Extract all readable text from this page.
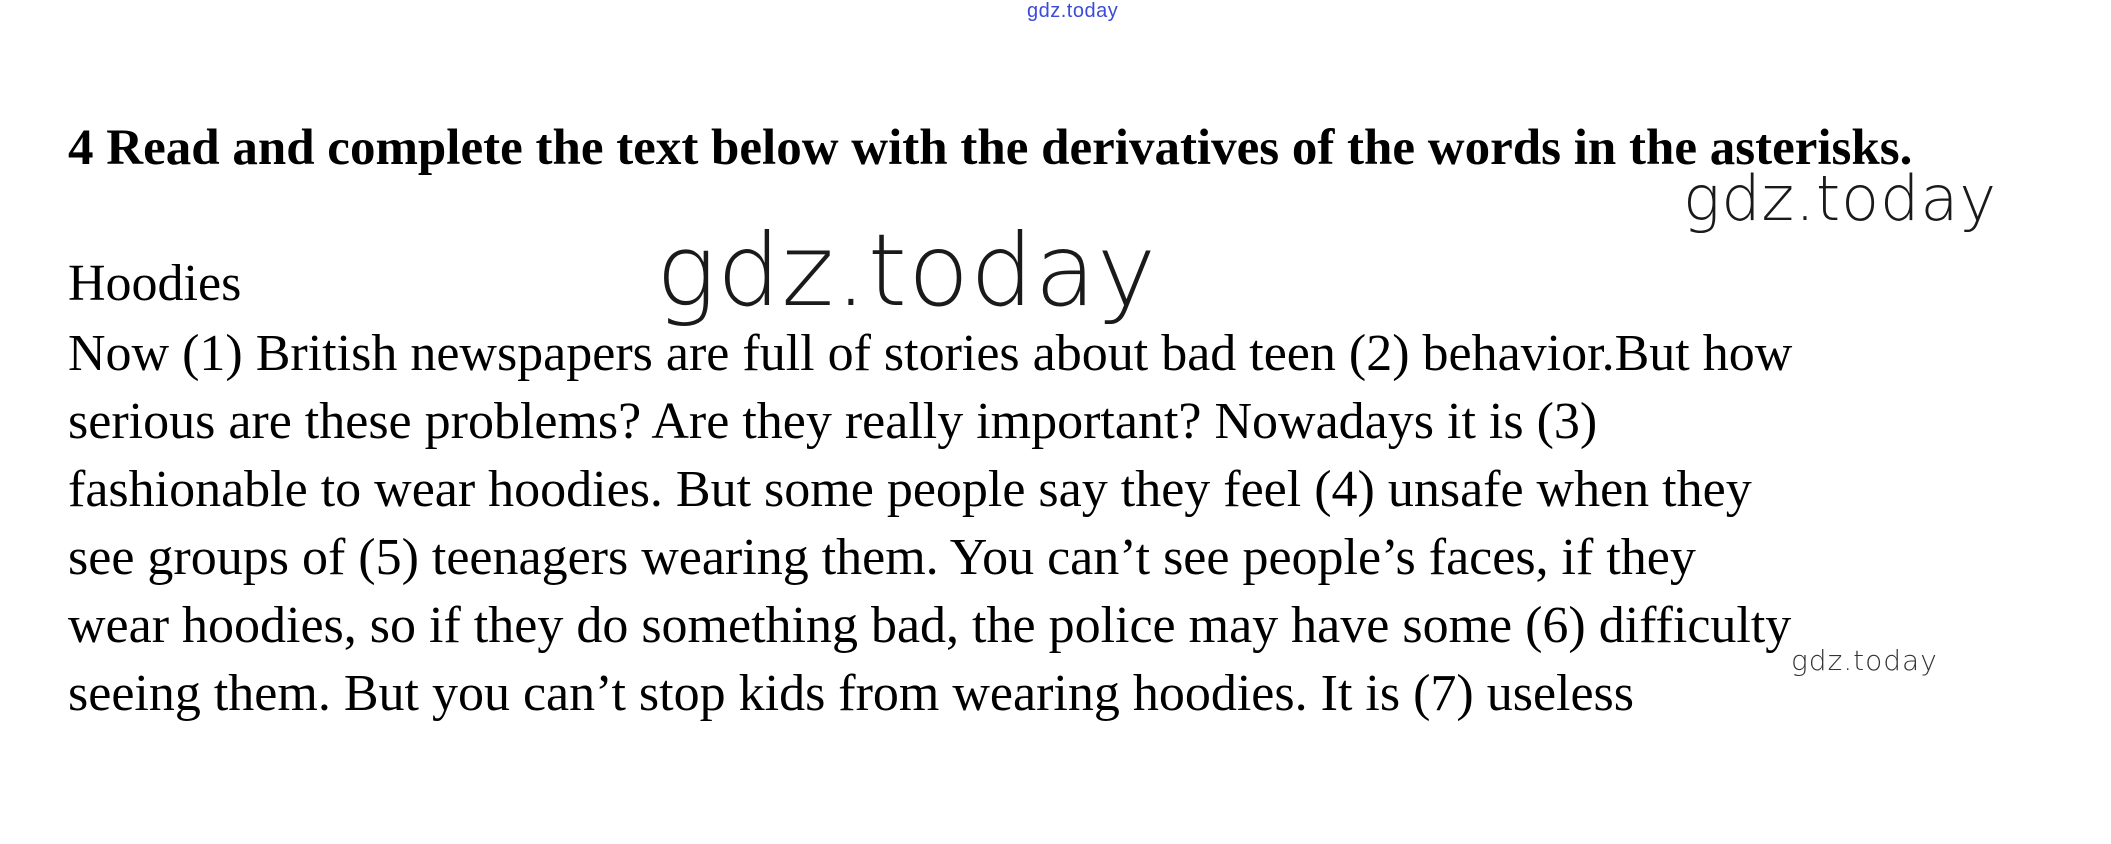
gdz.today
4 Read and complete the text below with the derivatives of the words in the asterisks.
Hoodies
Now (1) British newspapers are full of stories about bad teen (2) behavior.But how
serious are these problems? Are they really important? Nowadays it is (3)
fashionable to wear hoodies. But some people say they feel (4) unsafe when they
see groups of (5) teenagers wearing them. You can’t see people’s faces, if they
wear hoodies, so if they do something bad, the police may have some (6) difficulty
seeing them. But you can’t stop kids from wearing hoodies. It is (7) useless
gdz.today
gdz.today
gdz.today
